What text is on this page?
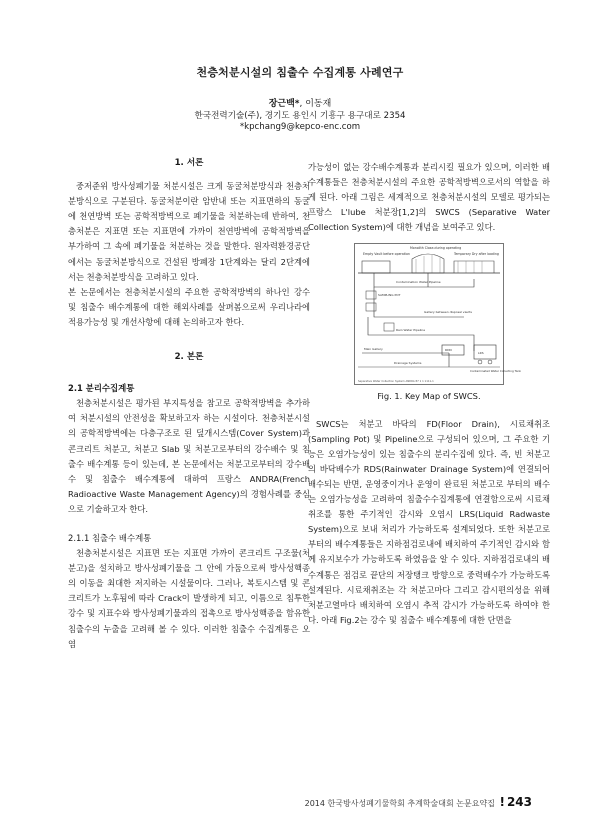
천층처분시설의 침출수 수집계통 사례연구
장근백*, 이동재
한국전력기술(주), 경기도 용인시 기흥구 용구대로 2354
*kpchang9@kepco-enc.com
1. 서론

중저준위 방사성폐기물 처분시설은 크게 동굴처분방식과 천층처분방식으로 구분된다. 동굴처분이란 암반내 또는 지표면하의 동굴에 천연방벽 또는 공학적방벽으로 폐기물을 처분하는데 반하여, 천층처분은 지표면 또는 지표면에 가까이 천연방벽에 공학적방벽을 부가하여 그 속에 폐기물을 처분하는 것을 말한다. 원자력환경공단에서는 동굴처분방식으로 건설된 방폐장 1단계와는 달리 2단계에서는 천층처분방식을 고려하고 있다.

본 논문에서는 천층처분시설의 주요한 공학적방벽의 하나인 강수 및 침출수 배수계통에 대한 해외사례를 살펴봄으로써 우리나라에 적용가능성 및 개선사항에 대해 논의하고자 한다.

2. 본론

2.1 분리수집계통

천층처분시설은 평가된 부지특성을 참고로 공학적방벽을 추가하여 처분시설의 안전성을 확보하고자 하는 시설이다. 천층처분시설의 공학적방벽에는 다층구조로 된 덮개시스템(Cover System)과 콘크리트 처분고, 처분고 Slab 및 처분고로부터의 강수배수 및 침출수 배수계통 등이 있는데, 본 논문에서는 처분고로부터의 강수배수 및 침출수 배수계통에 대하여 프랑스 ANDRA(French Radioactive Waste Management Agency)의 경험사례를 중심으로 기술하고자 한다.

2.1.1 침출수 배수계통

천층처분시설은 지표면 또는 지표면 가까이 콘크리트 구조물(처분고)을 설치하고 방사성폐기물을 그 안에 가둠으로써 방사성핵종의 이동을 최대한 저지하는 시설물이다. 그러나, 복토시스템 및 콘크리트가 노후됨에 따라 Crack이 발생하게 되고, 이틈으로 침투한 강수 및 지표수와 방사성폐기물과의 접촉으로 방사성핵종을 함유한 침출수의 누출을 고려해 볼 수 있다. 이러한 침출수 수집계통은 오염

가능성이 없는 강수배수계통과 분리시킬 필요가 있으며, 이러한 배수계통들은 천층처분시설의 주요한 공학적방벽으로서의 역할을 하게 된다. 아래 그림은 세계적으로 천층처분시설의 모델로 평가되는 프랑스 L'lube 처분장[1,2]의 SWCS (Separative Water Collection System)에 대한 개념을 보여주고 있다.

Empty Vault before operation
Monolith Close-during operating
Temporary Dry after loading
SAMPLING POT
Contamination Water Pipeline
Gallery between disposal vaults
Rain Water Pipeline
Main Gallery
Drainage Systems
Contaminated Water Collecting Tank
RDN
LRS
Separative Water Collection System ANDRA 87 1 1 1111-1
Fig. 1. Key Map of SWCS.

SWCS는 처분고 바닥의 FD(Floor Drain), 시료채취조(Sampling Pot) 및 Pipeline으로 구성되어 있으며, 그 주요한 기능은 오염가능성이 있는 침출수의 분리수집에 있다. 즉, 빈 처분고의 바닥배수가 RDS(Rainwater Drainage System)에 연결되어 배수되는 반면, 운영중이거나 운영이 완료된 처분고로 부터의 배수는 오염가능성을 고려하여 침출수수집계통에 연결함으로써 시료채취조를 통한 주기적인 감시와 오염시 LRS(Liquid Radwaste System)으로 보내 처리가 가능하도록 설계되었다. 또한 처분고로부터의 배수계통들은 지하점검로내에 배치하여 주기적인 감시와 함께 유지보수가 가능하도록 하였음을 알 수 있다. 지하점검로내의 배수계통은 점검로 끝단의 저장탱크 방향으로 중력배수가 가능하도록 설계된다. 시료채취조는 각 처분고마다 그리고 감시편의성을 위해 처분고열마다 배치하여 오염시 추적 감시가 가능하도록 하여야 한다. 아래 Fig.2는 강수 및 침출수 배수계통에 대한 단면을

2014 한국방사성폐기물학회 추계학술대회 논문요약집 ! 243
